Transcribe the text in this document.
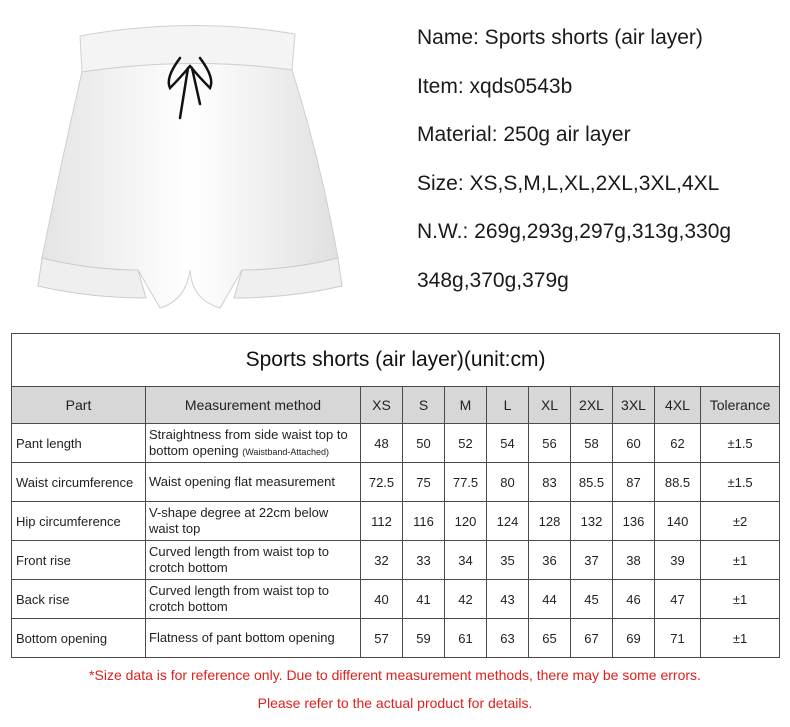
Name: Sports shorts (air layer)
Item: xqds0543b
Material: 250g air layer
Size: XS,S,M,L,XL,2XL,3XL,4XL
N.W.: 269g,293g,297g,313g,330g
348g,370g,379g
Sports shorts (air layer)(unit:cm)										
Part	Measurement method	XS	S	M	L	XL	2XL	3XL	4XL	Tolerance
Pant length	Straightness from side waist top to bottom opening (Waistband-Attached)	48	50	52	54	56	58	60	62	±1.5
Waist circumference	Waist opening flat measurement	72.5	75	77.5	80	83	85.5	87	88.5	±1.5
Hip circumference	V-shape degree at 22cm below waist top	112	116	120	124	128	132	136	140	±2
Front rise	Curved length from waist top to crotch bottom	32	33	34	35	36	37	38	39	±1
Back rise	Curved length from waist top to crotch bottom	40	41	42	43	44	45	46	47	±1
Bottom opening	Flatness of pant bottom opening	57	59	61	63	65	67	69	71	±1
*Size data is for reference only. Due to different measurement methods, there may be some errors.
Please refer to the actual product for details.
